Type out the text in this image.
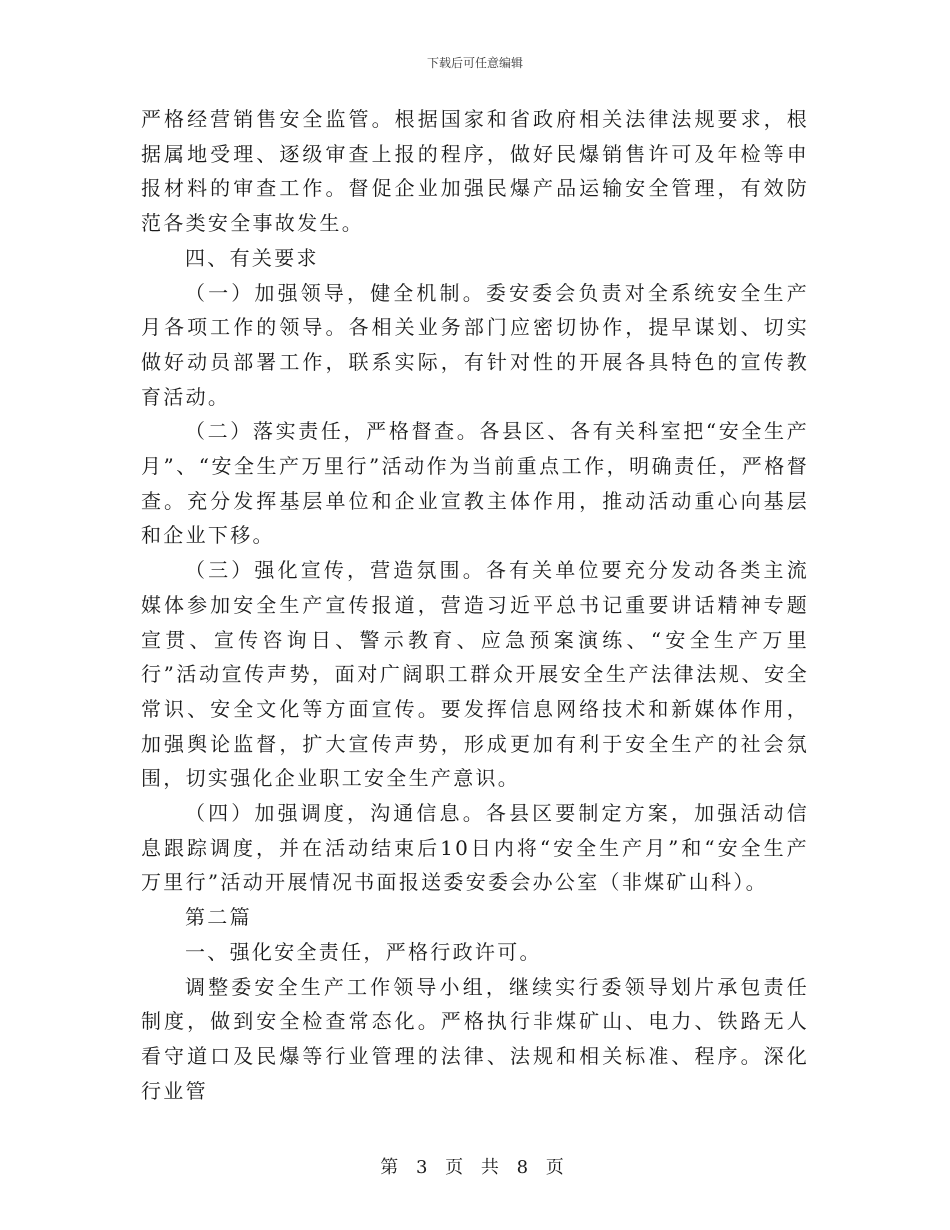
下载后可任意编辑

严格经营销售安全监管。根据国家和省政府相关法律法规要求，根据属地受理、逐级审查上报的程序，做好民爆销售许可及年检等申报材料的审查工作。督促企业加强民爆产品运输安全管理，有效防范各类安全事故发生。

四、有关要求

（一）加强领导，健全机制。委安委会负责对全系统安全生产月各项工作的领导。各相关业务部门应密切协作，提早谋划、切实做好动员部署工作，联系实际，有针对性的开展各具特色的宣传教育活动。

（二）落实责任，严格督查。各县区、各有关科室把“安全生产月”、“安全生产万里行”活动作为当前重点工作，明确责任，严格督查。充分发挥基层单位和企业宣教主体作用，推动活动重心向基层和企业下移。

（三）强化宣传，营造氛围。各有关单位要充分发动各类主流媒体参加安全生产宣传报道，营造习近平总书记重要讲话精神专题宣贯、宣传咨询日、警示教育、应急预案演练、“安全生产万里行”活动宣传声势，面对广阔职工群众开展安全生产法律法规、安全常识、安全文化等方面宣传。要发挥信息网络技术和新媒体作用，加强舆论监督，扩大宣传声势，形成更加有利于安全生产的社会氛围，切实强化企业职工安全生产意识。

（四）加强调度，沟通信息。各县区要制定方案，加强活动信息跟踪调度，并在活动结束后10日内将“安全生产月”和“安全生产万里行”活动开展情况书面报送委安委会办公室（非煤矿山科）。

第二篇

一、强化安全责任，严格行政许可。

调整委安全生产工作领导小组，继续实行委领导划片承包责任制度，做到安全检查常态化。严格执行非煤矿山、电力、铁路无人看守道口及民爆等行业管理的法律、法规和相关标准、程序。深化行业管

第 3 页 共 8 页
